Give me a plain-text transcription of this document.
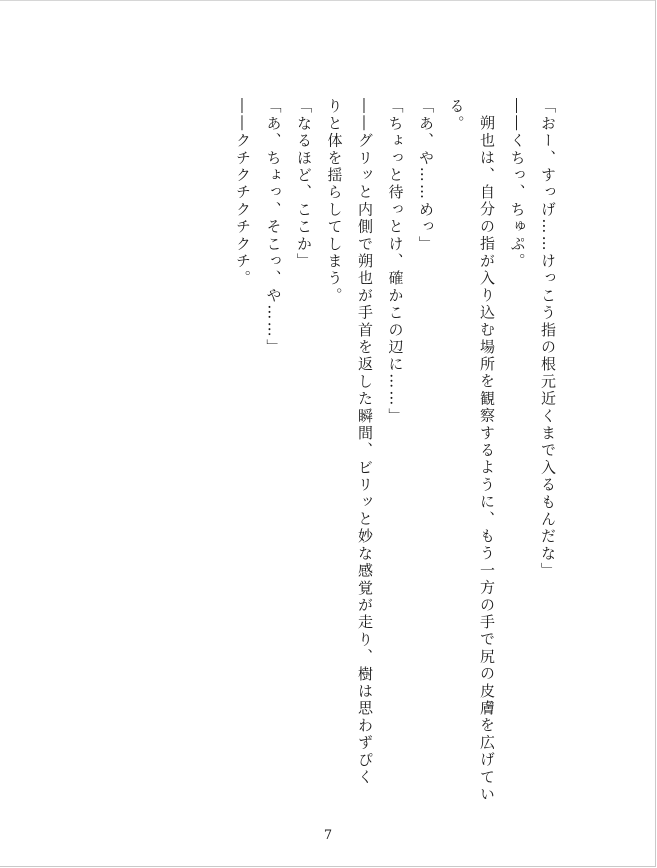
「おー、すっげ……けっこう指の根元近くまで入るもんだな」
――くちっ、ちゅぷ。
朔也は、自分の指が入り込む場所を観察するように、もう一方の手で尻の皮膚を広げてい
る。
「あ、や……めっ」
「ちょっと待っとけ、確かこの辺に……」
――グリッと内側で朔也が手首を返した瞬間、ビリッと妙な感覚が走り、樹は思わずぴく
りと体を揺らしてしまう。
「なるほど、ここか」
「あ、ちょっ、そこっ、や……」
――クチクチクチクチ。
7
